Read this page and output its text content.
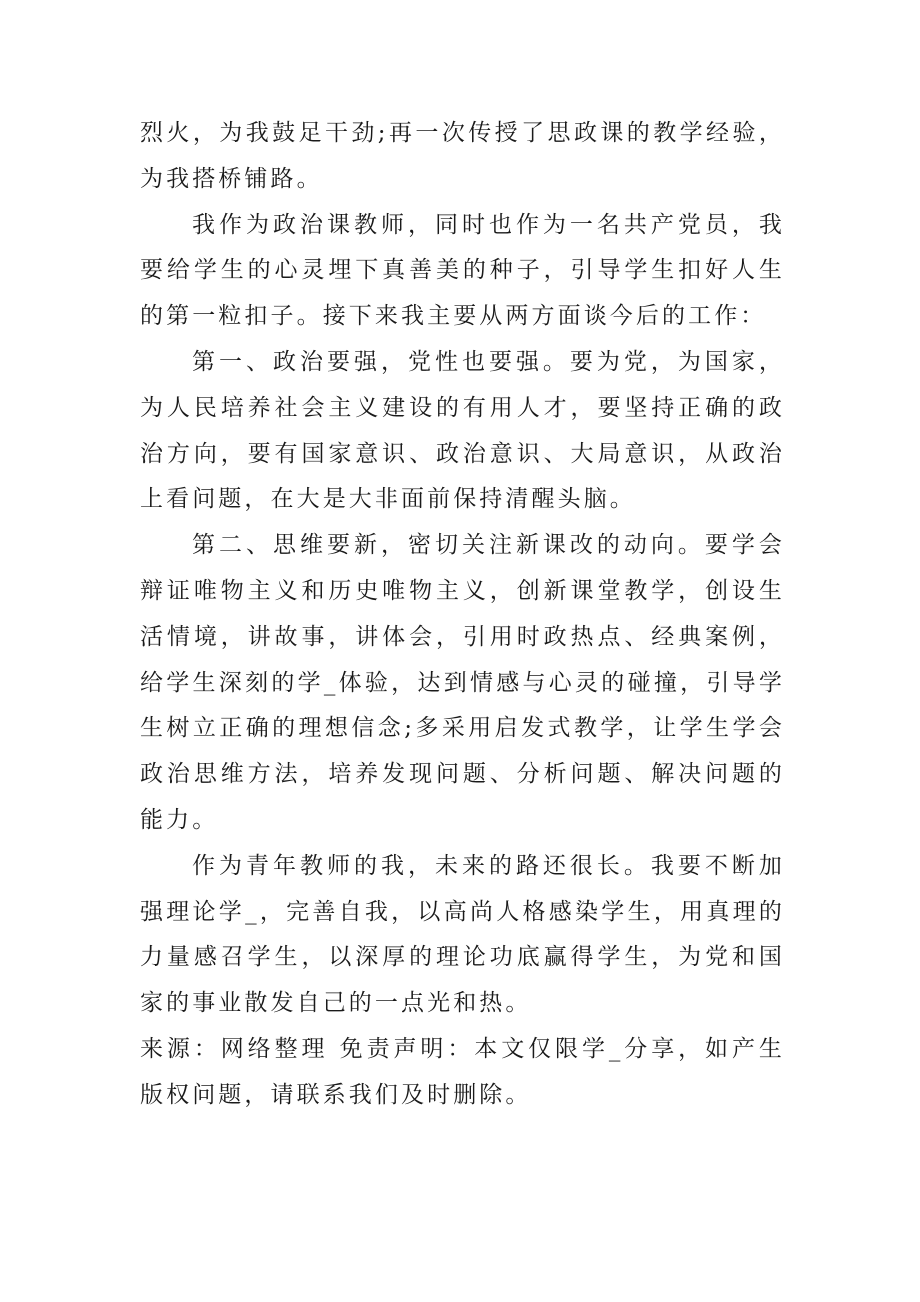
烈火，为我鼓足干劲;再一次传授了思政课的教学经验，为我搭桥铺路。

我作为政治课教师，同时也作为一名共产党员，我要给学生的心灵埋下真善美的种子，引导学生扣好人生的第一粒扣子。接下来我主要从两方面谈今后的工作：

第一、政治要强，党性也要强。要为党，为国家，为人民培养社会主义建设的有用人才，要坚持正确的政治方向，要有国家意识、政治意识、大局意识，从政治上看问题，在大是大非面前保持清醒头脑。

第二、思维要新，密切关注新课改的动向。要学会辩证唯物主义和历史唯物主义，创新课堂教学，创设生活情境，讲故事，讲体会，引用时政热点、经典案例，给学生深刻的学_体验，达到情感与心灵的碰撞，引导学生树立正确的理想信念;多采用启发式教学，让学生学会政治思维方法，培养发现问题、分析问题、解决问题的能力。

作为青年教师的我，未来的路还很长。我要不断加强理论学_，完善自我，以高尚人格感染学生，用真理的力量感召学生，以深厚的理论功底赢得学生，为党和国家的事业散发自己的一点光和热。

来源：网络整理 免责声明：本文仅限学_分享，如产生版权问题，请联系我们及时删除。
